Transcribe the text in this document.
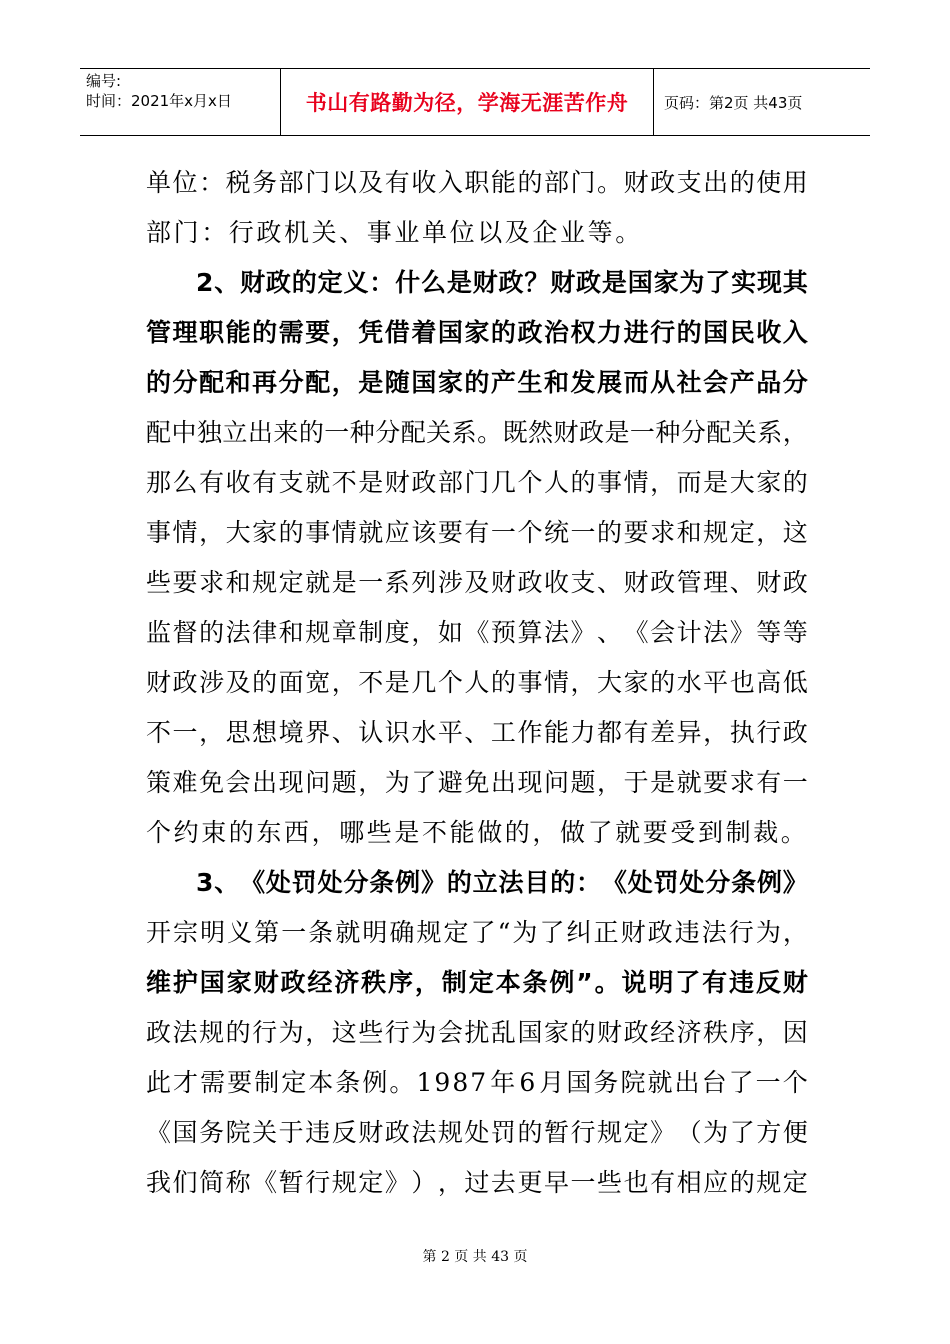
编号:
时间：2021年x月x日	书山有路勤为径，学海无涯苦作舟	页码：第2页 共43页
单 位 ： 税 务 部 门 以 及 有 收 入 职 能 的 部 门 。 财 政 支 出 的 使 用
部门：行政机关、事业单位以及企业等。
2 、 财 政 的 定 义 ： 什 么 是 财 政 ？ 财 政 是 国 家 为 了 实 现 其
管 理 职 能 的 需 要 ， 凭 借 着 国 家 的 政 治 权 力 进 行 的 国 民 收 入
的 分 配 和 再 分 配 ， 是 随 国 家 的 产 生 和 发 展 而 从 社 会 产 品 分
配 中 独 立 出 来 的 一 种 分 配 关 系 。 既 然 财 政 是 一 种 分 配 关 系 ，
那 么 有 收 有 支 就 不 是 财 政 部 门 几 个 人 的 事 情 ， 而 是 大 家 的
事 情 ， 大 家 的 事 情 就 应 该 要 有 一 个 统 一 的 要 求 和 规 定 ， 这
些 要 求 和 规 定 就 是 一 系 列 涉 及 财 政 收 支 、 财 政 管 理 、 财 政
监 督 的 法 律 和 规 章 制 度 ， 如 《 预 算 法 》 、 《 会 计 法 》 等 等
财 政 涉 及 的 面 宽 ， 不 是 几 个 人 的 事 情 ， 大 家 的 水 平 也 高 低
不 一 ， 思 想 境 界 、 认 识 水 平 、 工 作 能 力 都 有 差 异 ， 执 行 政
策 难 免 会 出 现 问 题 ， 为 了 避 免 出 现 问 题 ， 于 是 就 要 求 有 一
个约束的东西，哪些是不能做的，做了就要受到制裁。
3 、 《 处 罚 处 分 条 例 》 的 立 法 目 的 ： 《 处 罚 处 分 条 例 》
开 宗 明 义 第 一 条 就 明 确 规 定 了 “ 为 了 纠 正 财 政 违 法 行 为 ，
维 护 国 家 财 政 经 济 秩 序 ， 制 定 本 条 例 ” 。 说 明 了 有 违 反 财
政 法 规 的 行 为 ， 这 些 行 为 会 扰 乱 国 家 的 财 政 经 济 秩 序 ， 因
此 才 需 要 制 定 本 条 例 。 1 9 8 7 年 6 月 国 务 院 就 出 台 了 一 个
《 国 务 院 关 于 违 反 财 政 法 规 处 罚 的 暂 行 规 定 》 （ 为 了 方 便
我 们 简 称 《 暂 行 规 定 》 ） ， 过 去 更 早 一 些 也 有 相 应 的 规 定
第 2 页 共 43 页
